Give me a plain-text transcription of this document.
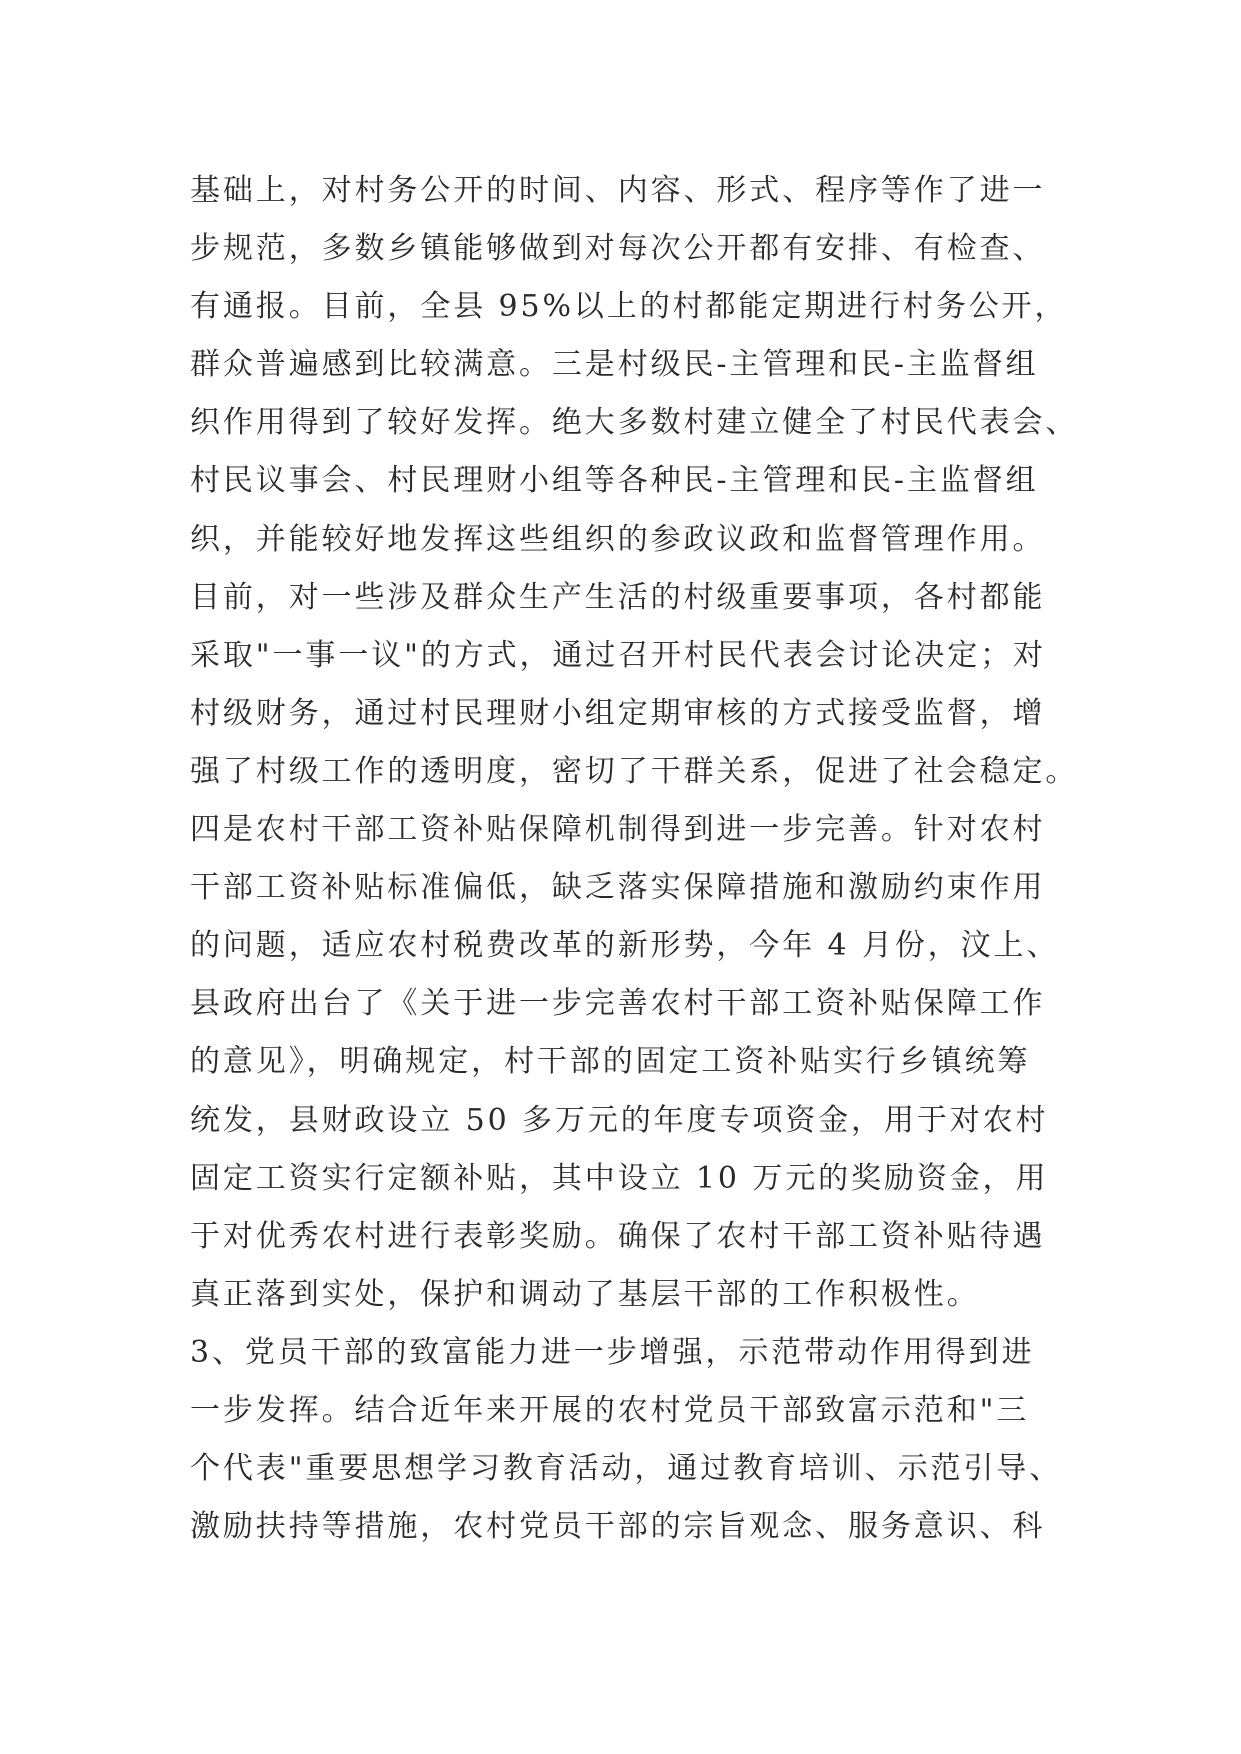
基础上，对村务公开的时间、内容、形式、程序等作了进一
步规范，多数乡镇能够做到对每次公开都有安排、有检查、
有通报。目前，全县 95%以上的村都能定期进行村务公开，
群众普遍感到比较满意。三是村级民-主管理和民-主监督组
织作用得到了较好发挥。绝大多数村建立健全了村民代表会、
村民议事会、村民理财小组等各种民-主管理和民-主监督组
织，并能较好地发挥这些组织的参政议政和监督管理作用。
目前，对一些涉及群众生产生活的村级重要事项，各村都能
采取"一事一议"的方式，通过召开村民代表会讨论决定；对
村级财务，通过村民理财小组定期审核的方式接受监督，增
强了村级工作的透明度，密切了干群关系，促进了社会稳定。
四是农村干部工资补贴保障机制得到进一步完善。针对农村
干部工资补贴标准偏低，缺乏落实保障措施和激励约束作用
的问题，适应农村税费改革的新形势，今年 4 月份，汶上、
县政府出台了《关于进一步完善农村干部工资补贴保障工作
的意见》，明确规定，村干部的固定工资补贴实行乡镇统筹
统发，县财政设立 50 多万元的年度专项资金，用于对农村
固定工资实行定额补贴，其中设立 10 万元的奖励资金，用
于对优秀农村进行表彰奖励。确保了农村干部工资补贴待遇
真正落到实处，保护和调动了基层干部的工作积极性。
3、党员干部的致富能力进一步增强，示范带动作用得到进
一步发挥。结合近年来开展的农村党员干部致富示范和"三
个代表"重要思想学习教育活动，通过教育培训、示范引导、
激励扶持等措施，农村党员干部的宗旨观念、服务意识、科
